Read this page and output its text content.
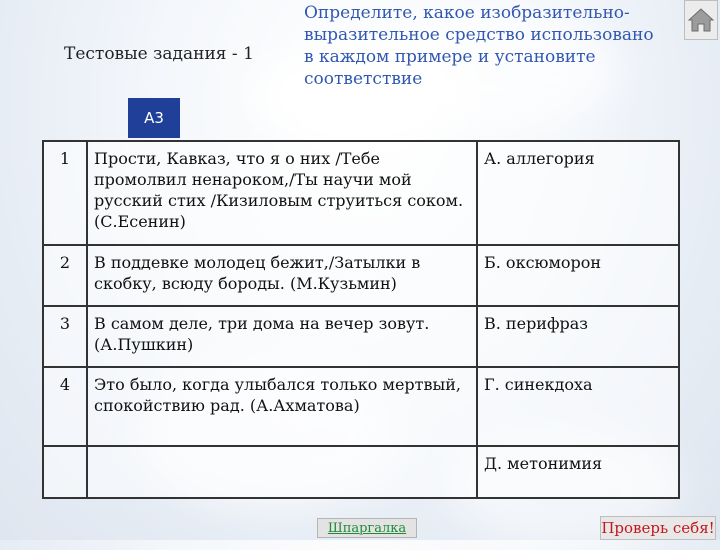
Тестовые задания - 1
А3
Определите, какое изобразительно-выразительное средство использовано в каждом примере и установите соответствие
1	Прости, Кавказ, что я о них /Тебе промолвил ненароком,/Ты научи мой русский стих /Кизиловым струиться соком. (С.Есенин)	А. аллегория
2	В поддевке молодец бежит,/Затылки в скобку, всюду бороды. (М.Кузьмин)	Б. оксюморон
3	В самом деле, три дома на вечер зовут. (А.Пушкин)	В. перифраз
4	Это было, когда улыбался только мертвый, спокойствию рад. (А.Ахматова)	Г. синекдоха
		Д. метонимия
Шпаргалка	Проверь себя!
